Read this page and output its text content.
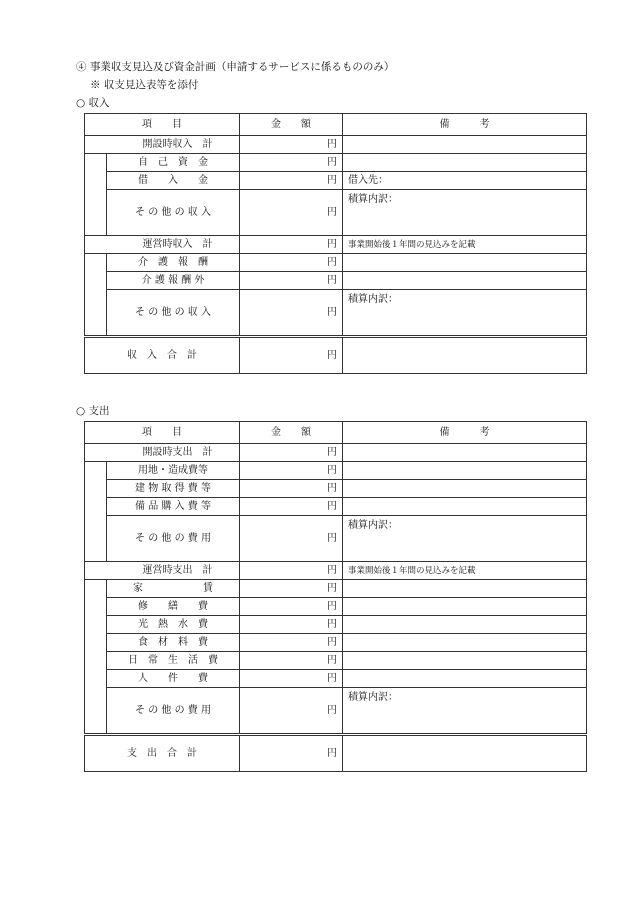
④ 事業収支見込及び資金計画（申請するサービスに係るもののみ）
※ 収支見込表等を添付
○ 収入
項　　目		金　　額	備　　　考
	開設時収入　計	円	
	自　己　資　金	円	
	借　　入　　金	円	借入先：
	そ の 他 の 収 入	円	積算内訳：
	運営時収入　計	円	事業開始後１年間の見込みを記載
	介　護　報　酬	円	
	介 護 報 酬 外	円	
	そ の 他 の 収 入	円	積算内訳：
収　入　合　計		円	
○ 支出
項　　目		金　　額	備　　　考
	開設時支出　計	円	
	用地・造成費等	円	
	建 物 取 得 費 等	円	
	備 品 購 入 費 等	円	
	そ の 他 の 費 用	円	積算内訳：
	運営時支出　計	円	事業開始後１年間の見込みを記載
	家　　　　　　賃	円	
	修　　繕　　費	円	
	光　熱　水　費	円	
	食　材　料　費	円	
	日　常　生　活　費	円	
	人　　件　　費	円	
	そ の 他 の 費 用	円	積算内訳：
支　出　合　計		円	
